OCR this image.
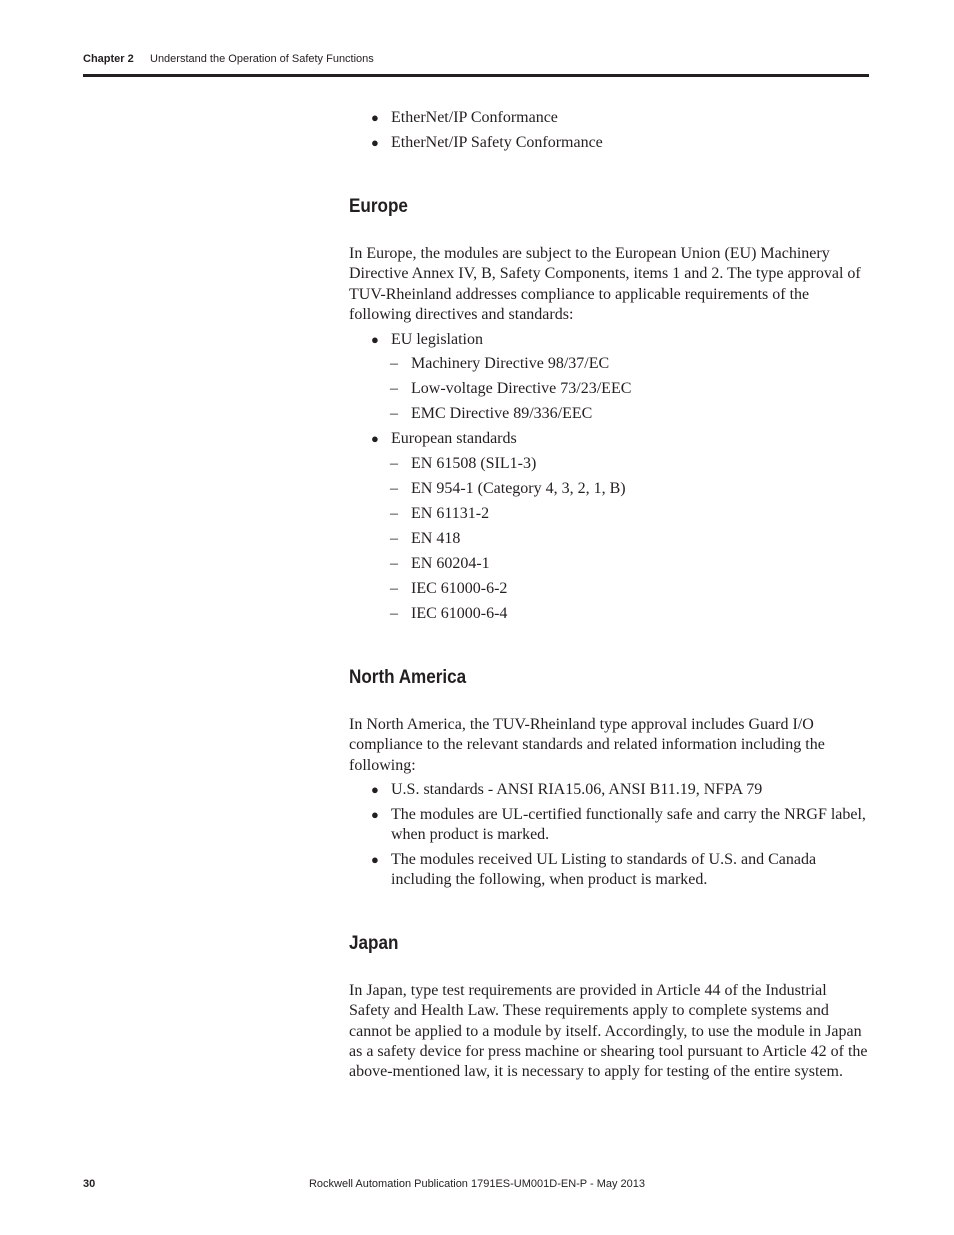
Chapter 2 Understand the Operation of Safety Functions
● EtherNet/IP Conformance
● EtherNet/IP Safety Conformance
Europe
In Europe, the modules are subject to the European Union (EU) Machinery Directive Annex IV, B, Safety Components, items 1 and 2. The type approval of TUV-Rheinland addresses compliance to applicable requirements of the following directives and standards:
● EU legislation
– Machinery Directive 98/37/EC
– Low-voltage Directive 73/23/EEC
– EMC Directive 89/336/EEC
● European standards
– EN 61508 (SIL1-3)
– EN 954-1 (Category 4, 3, 2, 1, B)
– EN 61131-2
– EN 418
– EN 60204-1
– IEC 61000-6-2
– IEC 61000-6-4
North America
In North America, the TUV-Rheinland type approval includes Guard I/O compliance to the relevant standards and related information including the following:
● U.S. standards - ANSI RIA15.06, ANSI B11.19, NFPA 79
● The modules are UL-certified functionally safe and carry the NRGF label, when product is marked.
● The modules received UL Listing to standards of U.S. and Canada including the following, when product is marked.
Japan
In Japan, type test requirements are provided in Article 44 of the Industrial Safety and Health Law. These requirements apply to complete systems and cannot be applied to a module by itself. Accordingly, to use the module in Japan as a safety device for press machine or shearing tool pursuant to Article 42 of the above-mentioned law, it is necessary to apply for testing of the entire system.
30	Rockwell Automation Publication 1791ES-UM001D-EN-P - May 2013
